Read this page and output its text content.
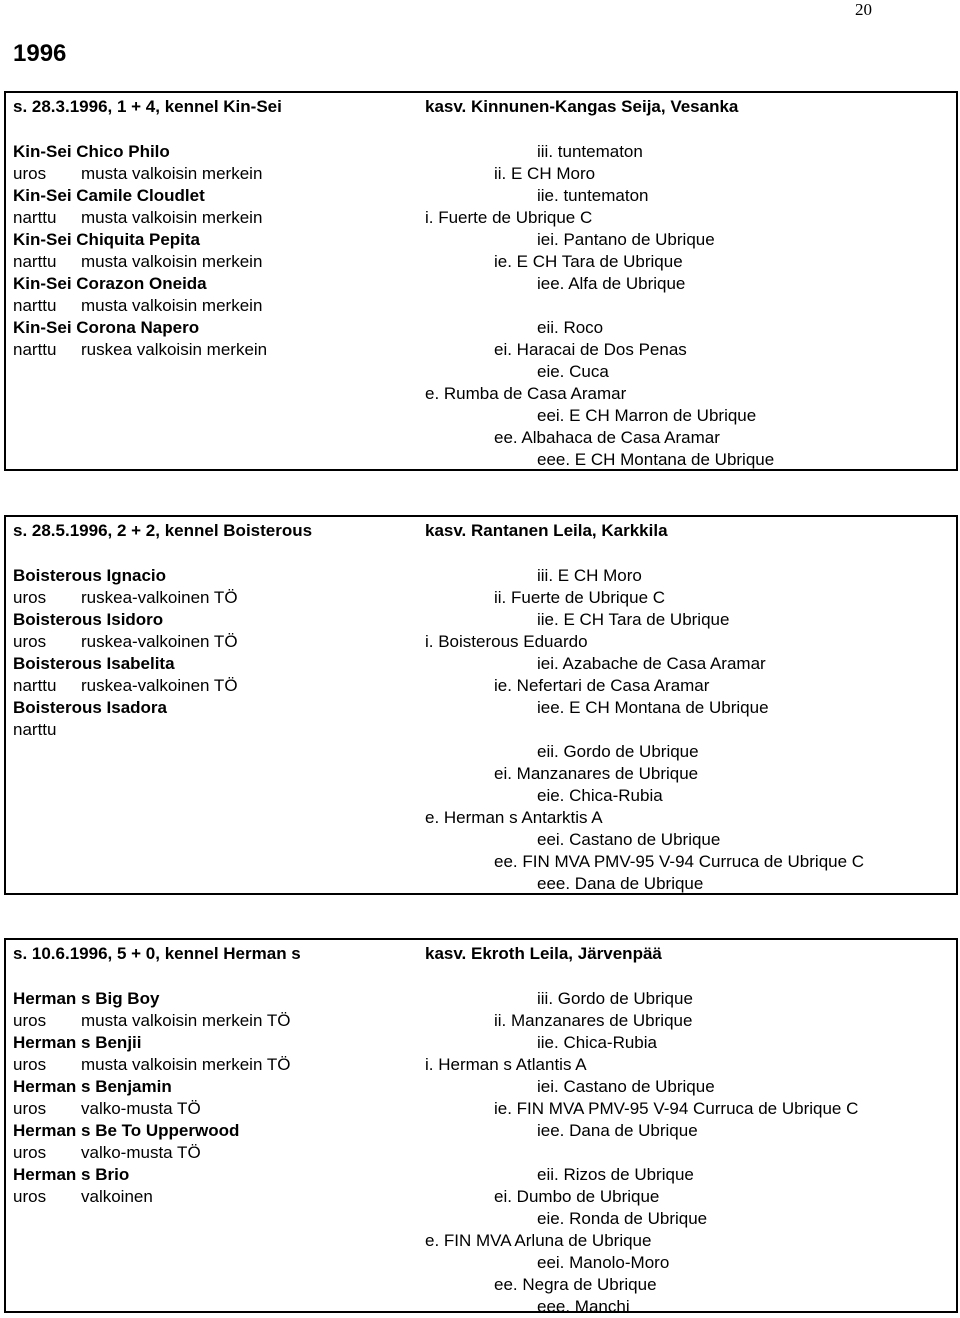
20
1996
s. 28.3.1996, 1 + 4, kennel Kin-Sei	kasv. Kinnunen-Kangas Seija, Vesanka
Kin-Sei Chico Philo
uros musta valkoisin merkein
Kin-Sei Camile Cloudlet
narttu musta valkoisin merkein
Kin-Sei Chiquita Pepita
narttu musta valkoisin merkein
Kin-Sei Corazon Oneida
narttu musta valkoisin merkein
Kin-Sei Corona Napero
narttu ruskea valkoisin merkein
iii. tuntematon
ii. E CH Moro
iie. tuntematon
i. Fuerte de Ubrique C
iei. Pantano de Ubrique
ie. E CH Tara de Ubrique
iee. Alfa de Ubrique
eii. Roco
ei. Haracai de Dos Penas
eie. Cuca
e. Rumba de Casa Aramar
eei. E CH Marron de Ubrique
ee. Albahaca de Casa Aramar
eee. E CH Montana de Ubrique
s. 28.5.1996, 2 + 2, kennel Boisterous	kasv. Rantanen Leila, Karkkila
Boisterous Ignacio
uros ruskea-valkoinen TÖ
Boisterous Isidoro
uros ruskea-valkoinen TÖ
Boisterous Isabelita
narttu ruskea-valkoinen TÖ
Boisterous Isadora
narttu
iii. E CH Moro
ii. Fuerte de Ubrique C
iie. E CH Tara de Ubrique
i. Boisterous Eduardo
iei. Azabache de Casa Aramar
ie. Nefertari de Casa Aramar
iee. E CH Montana de Ubrique
eii. Gordo de Ubrique
ei. Manzanares de Ubrique
eie. Chica-Rubia
e. Herman s Antarktis A
eei. Castano de Ubrique
ee. FIN MVA PMV-95 V-94 Curruca de Ubrique C
eee. Dana de Ubrique
s. 10.6.1996, 5 + 0, kennel Herman s	kasv. Ekroth Leila, Järvenpää
Herman s Big Boy
uros musta valkoisin merkein TÖ
Herman s Benjii
uros musta valkoisin merkein TÖ
Herman s Benjamin
uros valko-musta TÖ
Herman s Be To Upperwood
uros valko-musta TÖ
Herman s Brio
uros valkoinen
iii. Gordo de Ubrique
ii. Manzanares de Ubrique
iie. Chica-Rubia
i. Herman s Atlantis A
iei. Castano de Ubrique
ie. FIN MVA PMV-95 V-94 Curruca de Ubrique C
iee. Dana de Ubrique
eii. Rizos de Ubrique
ei. Dumbo de Ubrique
eie. Ronda de Ubrique
e. FIN MVA Arluna de Ubrique
eei. Manolo-Moro
ee. Negra de Ubrique
eee. Manchi
